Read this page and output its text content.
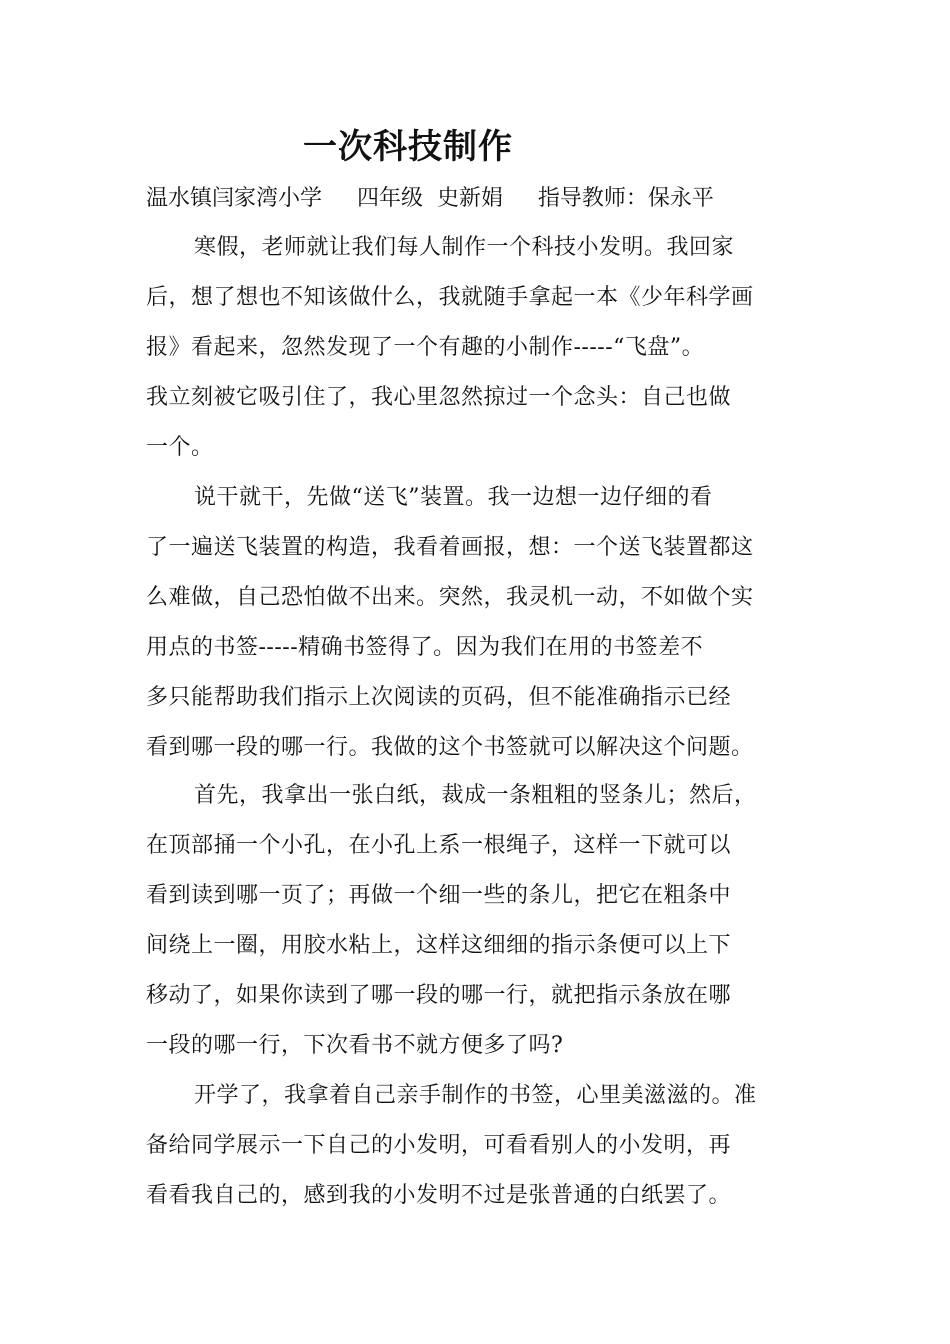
一次科技制作
温水镇闫家湾小学     四年级  史新娟     指导教师：保永平
寒假，老师就让我们每人制作一个科技小发明。我回家
后，想了想也不知该做什么，我就随手拿起一本《少年科学画
报》看起来，忽然发现了一个有趣的小制作-----“飞盘”。
我立刻被它吸引住了，我心里忽然掠过一个念头：自己也做
一个。
说干就干，先做“送飞”装置。我一边想一边仔细的看
了一遍送飞装置的构造，我看着画报，想：一个送飞装置都这
么难做，自己恐怕做不出来。突然，我灵机一动，不如做个实
用点的书签-----精确书签得了。因为我们在用的书签差不
多只能帮助我们指示上次阅读的页码，但不能准确指示已经
看到哪一段的哪一行。我做的这个书签就可以解决这个问题。
首先，我拿出一张白纸，裁成一条粗粗的竖条儿；然后，
在顶部捅一个小孔，在小孔上系一根绳子，这样一下就可以
看到读到哪一页了；再做一个细一些的条儿，把它在粗条中
间绕上一圈，用胶水粘上，这样这细细的指示条便可以上下
移动了，如果你读到了哪一段的哪一行，就把指示条放在哪
一段的哪一行，下次看书不就方便多了吗?
开学了，我拿着自己亲手制作的书签，心里美滋滋的。准
备给同学展示一下自己的小发明，可看看别人的小发明，再
看看我自己的，感到我的小发明不过是张普通的白纸罢了。
